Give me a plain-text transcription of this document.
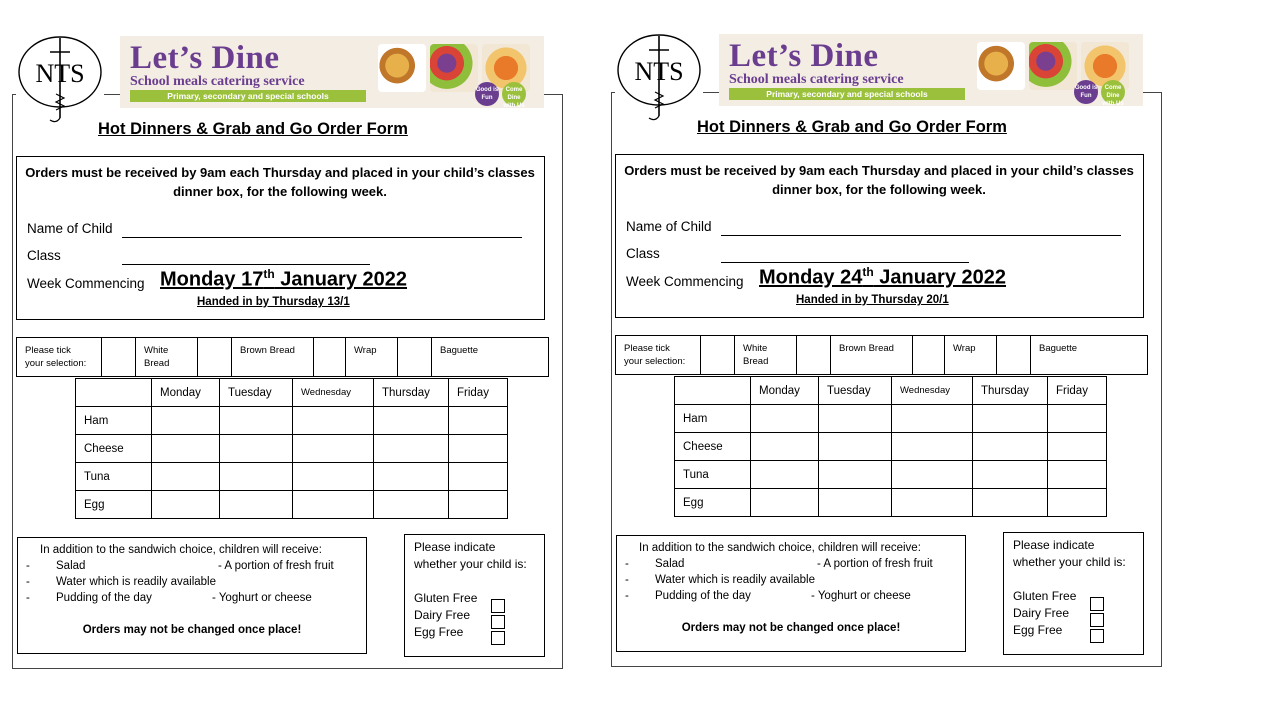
NTS Let’s Dine
School meals catering service
Primary, secondary and special schools
Good is Fun
Come Dine with Us
Hot Dinners & Grab and Go Order Form
Orders must be received by 9am each Thursday and placed in your child’s classes dinner box, for the following week.
Name of Child
Class
Week Commencing Monday 17th January 2022
Handed in by Thursday 13/1
Please tick
your selection:
White
Bread
Brown Bread	Wrap	Baguette
	Monday	Tuesday	Wednesday	Thursday	Friday
Ham					
Cheese					
Tuna					
Egg					
In addition to the sandwich choice, children will receive:
- Salad	- A portion of fresh fruit
- Water which is readily available
- Pudding of the day	- Yoghurt or cheese
Orders may not be changed once place!
Please indicate whether your child is:
Gluten Free
Dairy Free
Egg Free
NTS Let’s Dine
School meals catering service
Primary, secondary and special schools
Good is Fun
Come Dine with Us
Hot Dinners & Grab and Go Order Form
Orders must be received by 9am each Thursday and placed in your child’s classes dinner box, for the following week.
Name of Child
Class
Week Commencing Monday 24th January 2022
Handed in by Thursday 20/1
Please tick
your selection:
White
Bread
Brown Bread	Wrap	Baguette
	Monday	Tuesday	Wednesday	Thursday	Friday
Ham					
Cheese					
Tuna					
Egg					
In addition to the sandwich choice, children will receive:
- Salad	- A portion of fresh fruit
- Water which is readily available
- Pudding of the day	- Yoghurt or cheese
Orders may not be changed once place!
Please indicate whether your child is:
Gluten Free
Dairy Free
Egg Free
